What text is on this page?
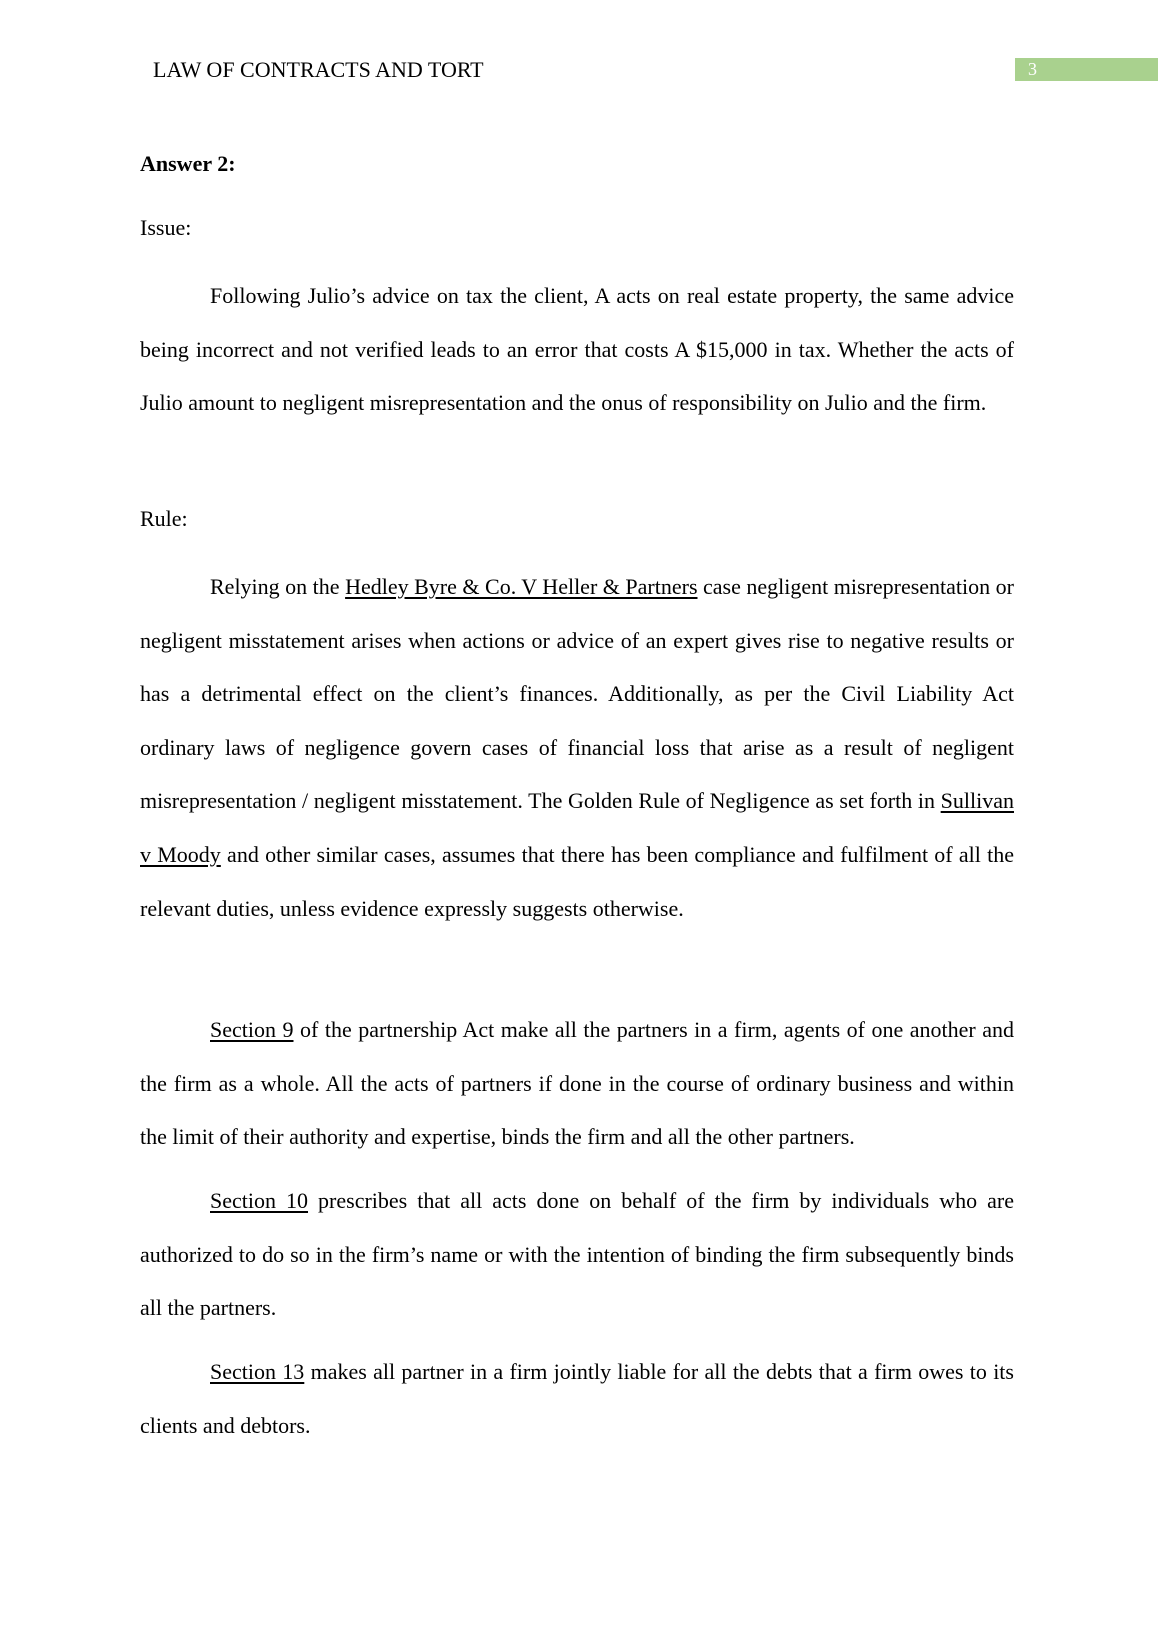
LAW OF CONTRACTS AND TORT	3
Answer 2:
Issue:

Following Julio’s advice on tax the client, A acts on real estate property, the same advice being incorrect and not verified leads to an error that costs A $15,000 in tax. Whether the acts of Julio amount to negligent misrepresentation and the onus of responsibility on Julio and the firm.

Rule:

Relying on the Hedley Byre & Co. V Heller & Partners case negligent misrepresentation or negligent misstatement arises when actions or advice of an expert gives rise to negative results or has a detrimental effect on the client’s finances. Additionally, as per the Civil Liability Act ordinary laws of negligence govern cases of financial loss that arise as a result of negligent misrepresentation / negligent misstatement. The Golden Rule of Negligence as set forth in Sullivan v Moody and other similar cases, assumes that there has been compliance and fulfilment of all the relevant duties, unless evidence expressly suggests otherwise.

Section 9 of the partnership Act make all the partners in a firm, agents of one another and the firm as a whole. All the acts of partners if done in the course of ordinary business and within the limit of their authority and expertise, binds the firm and all the other partners.

Section 10 prescribes that all acts done on behalf of the firm by individuals who are authorized to do so in the firm’s name or with the intention of binding the firm subsequently binds all the partners.

Section 13 makes all partner in a firm jointly liable for all the debts that a firm owes to its clients and debtors.
